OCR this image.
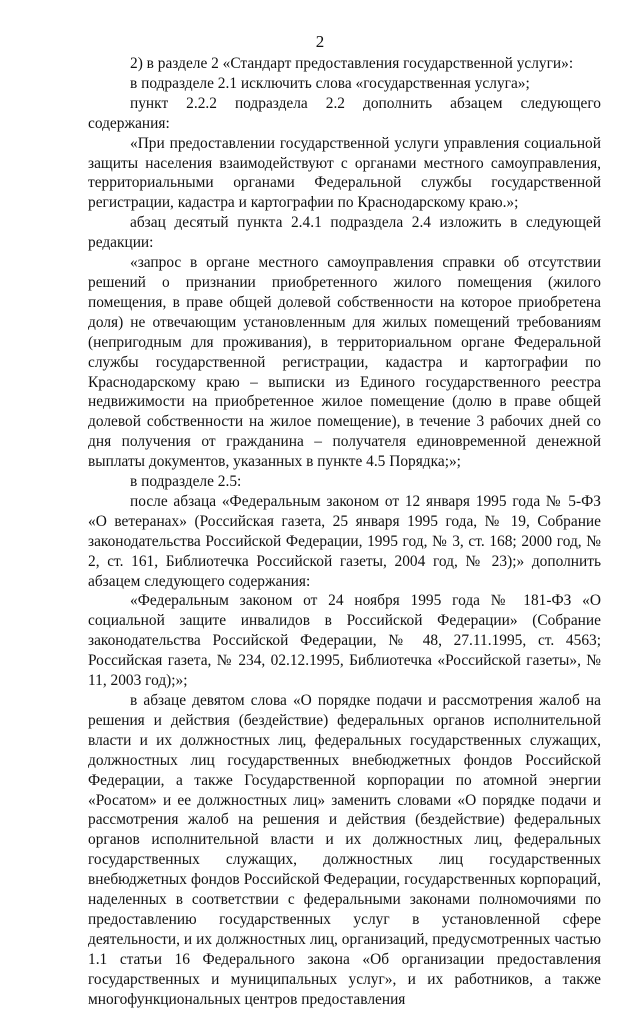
2

2) в разделе 2 «Стандарт предоставления государственной услуги»:

в подразделе 2.1 исключить слова «государственная услуга»;

пункт 2.2.2 подраздела 2.2 дополнить абзацем следующего содержания:

«При предоставлении государственной услуги управления социальной защиты населения взаимодействуют с органами местного самоуправления, территориальными органами Федеральной службы государственной регистрации, кадастра и картографии по Краснодарскому краю.»;

абзац десятый пункта 2.4.1 подраздела 2.4 изложить в следующей редакции:

«запрос в органе местного самоуправления справки об отсутствии решений о признании приобретенного жилого помещения (жилого помещения, в праве общей долевой собственности на которое приобретена доля) не отвечающим установленным для жилых помещений требованиям (непригодным для проживания), в территориальном органе Федеральной службы государственной регистрации, кадастра и картографии по Краснодарскому краю – выписки из Единого государственного реестра недвижимости на приобретенное жилое помещение (долю в праве общей долевой собственности на жилое помещение), в течение 3 рабочих дней со дня получения от гражданина – получателя единовременной денежной выплаты документов, указанных в пункте 4.5 Порядка;»;

в подразделе 2.5:

после абзаца «Федеральным законом от 12 января 1995 года № 5-ФЗ «О ветеранах» (Российская газета, 25 января 1995 года, № 19, Собрание законодательства Российской Федерации, 1995 год, № 3, ст. 168; 2000 год, № 2, ст. 161, Библиотечка Российской газеты, 2004 год, № 23);» дополнить абзацем следующего содержания:

«Федеральным законом от 24 ноября 1995 года № 181-ФЗ «О социальной защите инвалидов в Российской Федерации» (Собрание законодательства Российской Федерации, № 48, 27.11.1995, ст. 4563; Российская газета, № 234, 02.12.1995, Библиотечка «Российской газеты», № 11, 2003 год);»;

в абзаце девятом слова «О порядке подачи и рассмотрения жалоб на решения и действия (бездействие) федеральных органов исполнительной власти и их должностных лиц, федеральных государственных служащих, должностных лиц государственных внебюджетных фондов Российской Федерации, а также Государственной корпорации по атомной энергии «Росатом» и ее должностных лиц» заменить словами «О порядке подачи и рассмотрения жалоб на решения и действия (бездействие) федеральных органов исполнительной власти и их должностных лиц, федеральных государственных служащих, должностных лиц государственных внебюджетных фондов Российской Федерации, государственных корпораций, наделенных в соответствии с федеральными законами полномочиями по предоставлению государственных услуг в установленной сфере деятельности, и их должностных лиц, организаций, предусмотренных частью 1.1 статьи 16 Федерального закона «Об организации предоставления государственных и муниципальных услуг», и их работников, а также многофункциональных центров предоставления
